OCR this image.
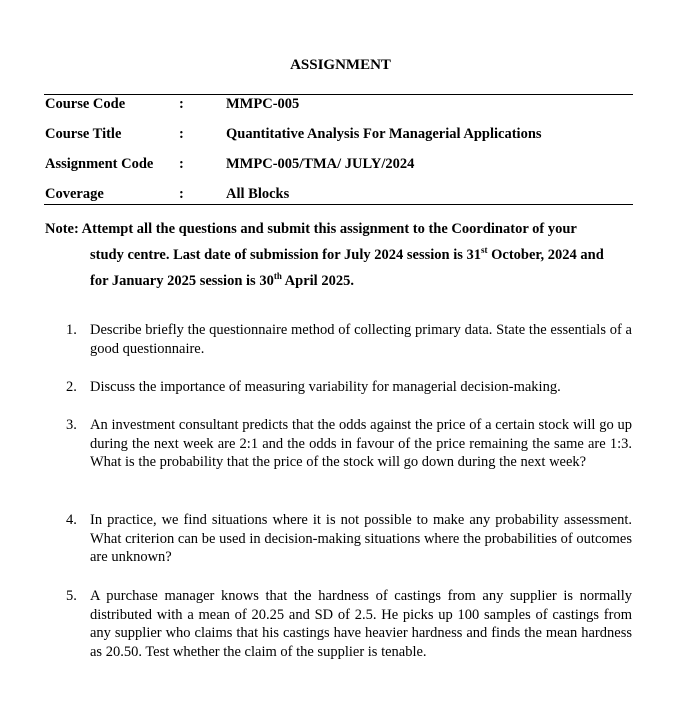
ASSIGNMENT
Course Code	:	MMPC-005
Course Title	:	Quantitative Analysis For Managerial Applications
Assignment Code :	MMPC-005/TMA/ JULY/2024
Coverage	:	All Blocks
Note: Attempt all the questions and submit this assignment to the Coordinator of your
study centre. Last date of submission for July 2024 session is 31st October, 2024 and
for January 2025 session is 30th April 2025.
1. Describe briefly the questionnaire method of collecting primary data. State the essentials of a good questionnaire.
2. Discuss the importance of measuring variability for managerial decision-making.
3. An investment consultant predicts that the odds against the price of a certain stock will go up during the next week are 2:1 and the odds in favour of the price remaining the same are 1:3. What is the probability that the price of the stock will go down during the next week?
4. In practice, we find situations where it is not possible to make any probability assessment. What criterion can be used in decision-making situations where the probabilities of outcomes are unknown?
5. A purchase manager knows that the hardness of castings from any supplier is normally distributed with a mean of 20.25 and SD of 2.5. He picks up 100 samples of castings from any supplier who claims that his castings have heavier hardness and finds the mean hardness as 20.50. Test whether the claim of the supplier is tenable.
